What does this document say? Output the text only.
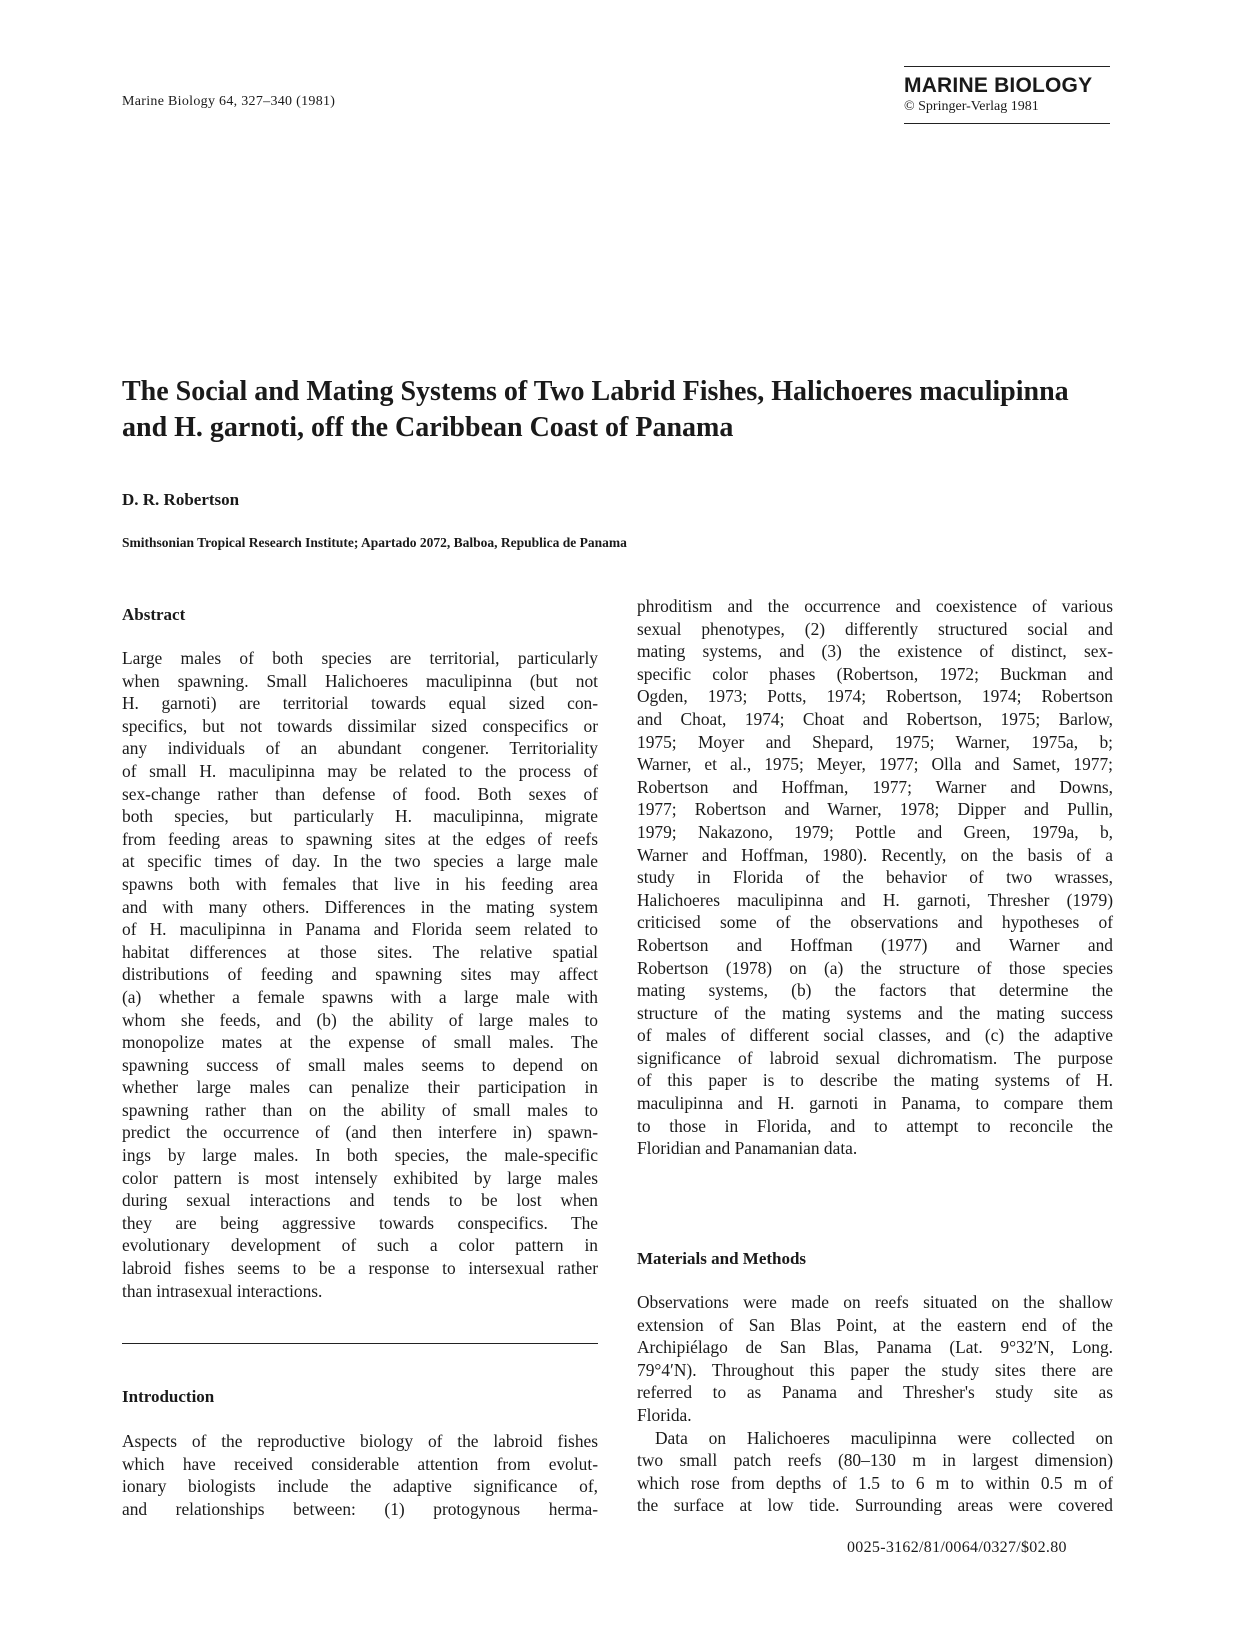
Marine Biology 64, 327–340 (1981)
MARINE BIOLOGY
© Springer-Verlag 1981
The Social and Mating Systems of Two Labrid Fishes, Halichoeres maculipinna
and H. garnoti, off the Caribbean Coast of Panama
D. R. Robertson
Smithsonian Tropical Research Institute; Apartado 2072, Balboa, Republica de Panama
Abstract
Large males of both species are territorial, particularly
when spawning. Small Halichoeres maculipinna (but not
H. garnoti) are territorial towards equal sized con-
specifics, but not towards dissimilar sized conspecifics or
any individuals of an abundant congener. Territoriality
of small H. maculipinna may be related to the process of
sex-change rather than defense of food. Both sexes of
both species, but particularly H. maculipinna, migrate
from feeding areas to spawning sites at the edges of reefs
at specific times of day. In the two species a large male
spawns both with females that live in his feeding area
and with many others. Differences in the mating system
of H. maculipinna in Panama and Florida seem related to
habitat differences at those sites. The relative spatial
distributions of feeding and spawning sites may affect
(a) whether a female spawns with a large male with
whom she feeds, and (b) the ability of large males to
monopolize mates at the expense of small males. The
spawning success of small males seems to depend on
whether large males can penalize their participation in
spawning rather than on the ability of small males to
predict the occurrence of (and then interfere in) spawn-
ings by large males. In both species, the male-specific
color pattern is most intensely exhibited by large males
during sexual interactions and tends to be lost when
they are being aggressive towards conspecifics. The
evolutionary development of such a color pattern in
labroid fishes seems to be a response to intersexual rather
than intrasexual interactions.
Introduction
Aspects of the reproductive biology of the labroid fishes
which have received considerable attention from evolut-
ionary biologists include the adaptive significance of,
and relationships between: (1) protogynous herma-
phroditism and the occurrence and coexistence of various
sexual phenotypes, (2) differently structured social and
mating systems, and (3) the existence of distinct, sex-
specific color phases (Robertson, 1972; Buckman and
Ogden, 1973; Potts, 1974; Robertson, 1974; Robertson
and Choat, 1974; Choat and Robertson, 1975; Barlow,
1975; Moyer and Shepard, 1975; Warner, 1975a, b;
Warner, et al., 1975; Meyer, 1977; Olla and Samet, 1977;
Robertson and Hoffman, 1977; Warner and Downs,
1977; Robertson and Warner, 1978; Dipper and Pullin,
1979; Nakazono, 1979; Pottle and Green, 1979a, b,
Warner and Hoffman, 1980). Recently, on the basis of a
study in Florida of the behavior of two wrasses,
Halichoeres maculipinna and H. garnoti, Thresher (1979)
criticised some of the observations and hypotheses of
Robertson and Hoffman (1977) and Warner and
Robertson (1978) on (a) the structure of those species
mating systems, (b) the factors that determine the
structure of the mating systems and the mating success
of males of different social classes, and (c) the adaptive
significance of labroid sexual dichromatism. The purpose
of this paper is to describe the mating systems of H.
maculipinna and H. garnoti in Panama, to compare them
to those in Florida, and to attempt to reconcile the
Floridian and Panamanian data.
Materials and Methods
Observations were made on reefs situated on the shallow
extension of San Blas Point, at the eastern end of the
Archipiélago de San Blas, Panama (Lat. 9°32′N, Long.
79°4′N). Throughout this paper the study sites there are
referred to as Panama and Thresher's study site as
Florida.
Data on Halichoeres maculipinna were collected on
two small patch reefs (80–130 m in largest dimension)
which rose from depths of 1.5 to 6 m to within 0.5 m of
the surface at low tide. Surrounding areas were covered
0025-3162/81/0064/0327/$02.80
